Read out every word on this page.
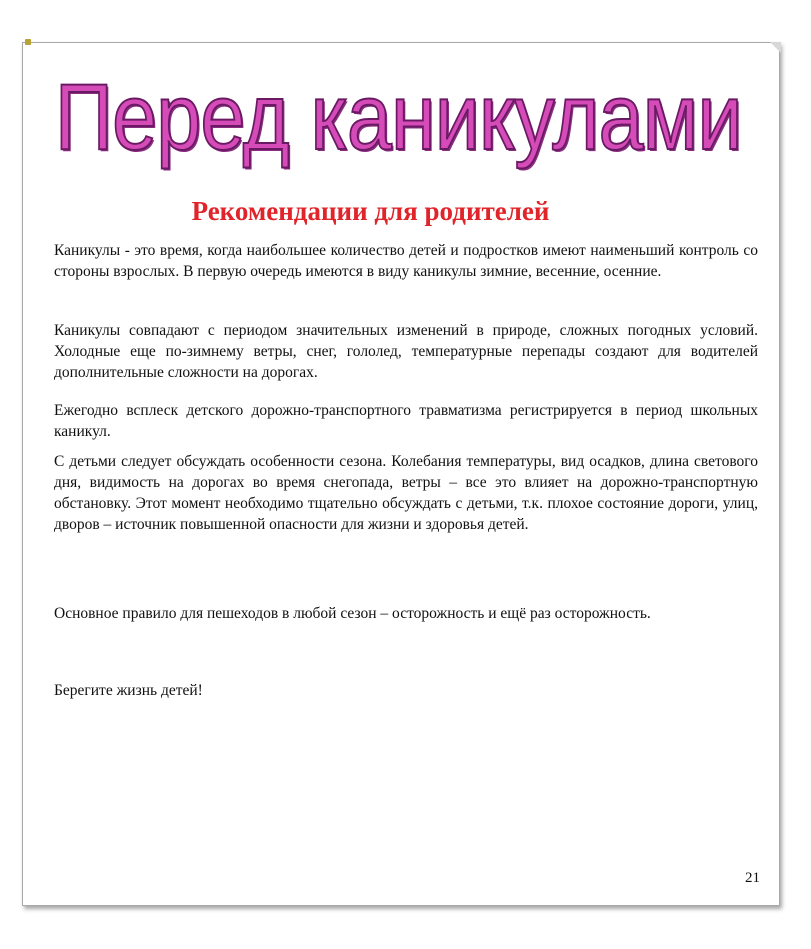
Перед каникулами
Рекомендации для родителей

Каникулы - это время, когда наибольшее количество детей и подростков имеют наименьший контроль со стороны взрослых. В первую очередь имеются в виду каникулы зимние, весенние, осенние.

Каникулы совпадают с периодом значительных изменений в природе, сложных погодных условий. Холодные еще по-зимнему ветры, снег, гололед, температурные перепады создают для водителей дополнительные сложности на дорогах.

Ежегодно всплеск детского дорожно-транспортного травматизма регистрируется в период школьных каникул.

С детьми следует обсуждать особенности сезона. Колебания температуры, вид осадков, длина светового дня, видимость на дорогах во время снегопада, ветры – все это влияет на дорожно-транспортную обстановку. Этот момент необходимо тщательно обсуждать с детьми, т.к. плохое состояние дороги, улиц, дворов – источник повышенной опасности для жизни и здоровья детей.

Основное правило для пешеходов в любой сезон – осторожность и ещё раз осторожность.

Берегите жизнь детей!

21
